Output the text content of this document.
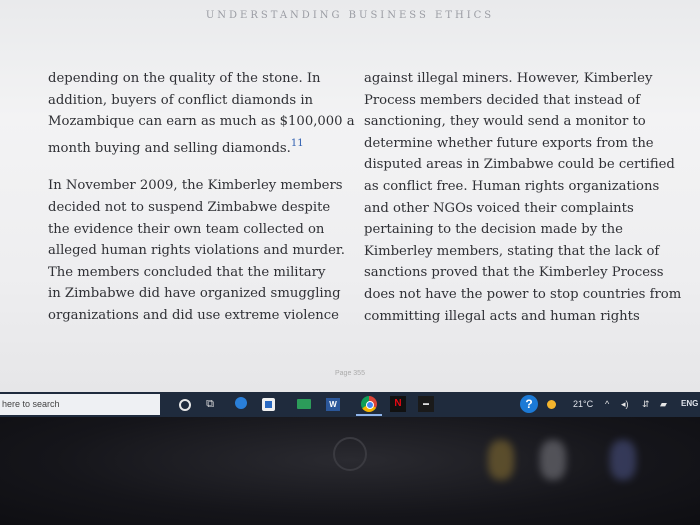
UNDERSTANDING BUSINESS ETHICS

depending on the quality of the stone. In
addition, buyers of conflict diamonds in
Mozambique can earn as much as $100,000 a
month buying and selling diamonds.$^{11}$

In November 2009, the Kimberley members
decided not to suspend Zimbabwe despite
the evidence their own team collected on
alleged human rights violations and murder.
The members concluded that the military
in Zimbabwe did have organized smuggling
organizations and did use extreme violence

against illegal miners. However, Kimberley
Process members decided that instead of
sanctioning, they would send a monitor to
determine whether future exports from the
disputed areas in Zimbabwe could be certified
as conflict free. Human rights organizations
and other NGOs voiced their complaints
pertaining to the decision made by the
Kimberley members, stating that the lack of
sanctions proved that the Kimberley Process
does not have the power to stop countries from
committing illegal acts and human rights

Page 355
here to search	⧉	W	N	▬	?	21°C ^ ◂) ⇵ ▰ ENG
